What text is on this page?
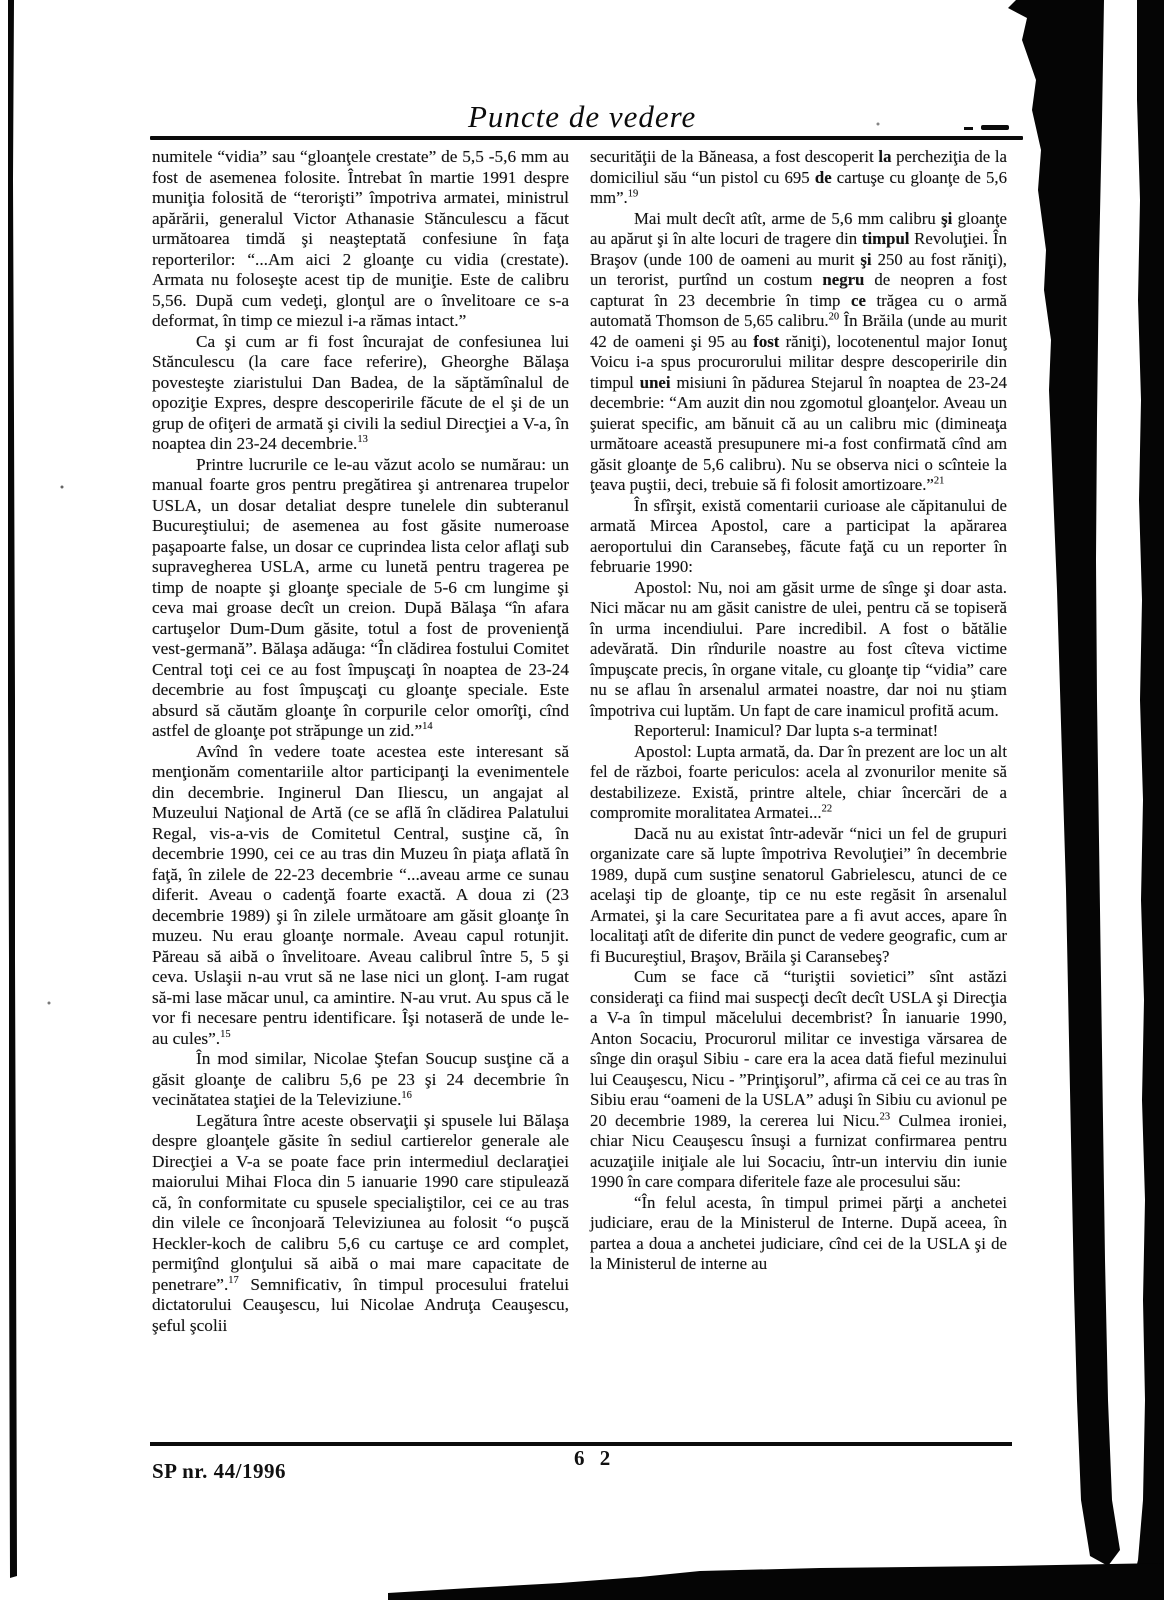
Puncte de vedere

numitele “vidia” sau “gloanţele crestate” de 5,5 -5,6 mm au fost de asemenea folosite. Întrebat în martie 1991 despre muniţia folosită de “terorişti” împotriva armatei, ministrul apărării, generalul Victor Athanasie Stănculescu a făcut următoarea timdă şi neaşteptată confesiune în faţa reporterilor: “...Am aici 2 gloanţe cu vidia (crestate). Armata nu foloseşte acest tip de muniţie. Este de calibru 5,56. După cum vedeţi, glonţul are o învelitoare ce s-a deformat, în timp ce miezul i-a rămas intact.”

Ca şi cum ar fi fost încurajat de confesiunea lui Stănculescu (la care face referire), Gheorghe Bălaşa povesteşte ziaristului Dan Badea, de la săptămînalul de opoziţie Expres, despre descoperirile făcute de el şi de un grup de ofiţeri de armată şi civili la sediul Direcţiei a V-a, în noaptea din 23-24 decembrie.$^{13}$

Printre lucrurile ce le-au văzut acolo se numărau: un manual foarte gros pentru pregătirea şi antrenarea trupelor USLA, un dosar detaliat despre tunelele din subteranul Bucureştiului; de asemenea au fost găsite numeroase paşapoarte false, un dosar ce cuprindea lista celor aflaţi sub supravegherea USLA, arme cu lunetă pentru tragerea pe timp de noapte şi gloanţe speciale de 5-6 cm lungime şi ceva mai groase decît un creion. După Bălaşa “în afara cartuşelor Dum-Dum găsite, totul a fost de provenienţă vest-germană”. Bălaşa adăuga: “În clădirea fostului Comitet Central toţi cei ce au fost împuşcaţi în noaptea de 23-24 decembrie au fost împuşcaţi cu gloanţe speciale. Este absurd să căutăm gloanţe în corpurile celor omorîţi, cînd astfel de gloanţe pot străpunge un zid.”$^{14}$

Avînd în vedere toate acestea este interesant să menţionăm comentariile altor participanţi la evenimentele din decembrie. Inginerul Dan Iliescu, un angajat al Muzeului Naţional de Artă (ce se află în clădirea Palatului Regal, vis-a-vis de Comitetul Central, susţine că, în decembrie 1990, cei ce au tras din Muzeu în piaţa aflată în faţă, în zilele de 22-23 decembrie “...aveau arme ce sunau diferit. Aveau o cadenţă foarte exactă. A doua zi (23 decembrie 1989) şi în zilele următoare am găsit gloanţe în muzeu. Nu erau gloanţe normale. Aveau capul rotunjit. Păreau să aibă o învelitoare. Aveau calibrul între 5, 5 şi ceva. Uslaşii n-au vrut să ne lase nici un glonţ. I-am rugat să-mi lase măcar unul, ca amintire. N-au vrut. Au spus că le vor fi necesare pentru identificare. Îşi notaseră de unde le-au cules”.$^{15}$

În mod similar, Nicolae Ştefan Soucup susţine că a găsit gloanţe de calibru 5,6 pe 23 şi 24 decembrie în vecinătatea staţiei de la Televiziune.$^{16}$

Legătura între aceste observaţii şi spusele lui Bălaşa despre gloanţele găsite în sediul cartierelor generale ale Direcţiei a V-a se poate face prin intermediul declaraţiei maiorului Mihai Floca din 5 ianuarie 1990 care stipulează că, în conformitate cu spusele specialiştilor, cei ce au tras din vilele ce înconjoară Televiziunea au folosit “o puşcă Heckler-koch de calibru 5,6 cu cartuşe ce ard complet, permiţînd glonţului să aibă o mai mare capacitate de penetrare”.$^{17}$ Semnificativ, în timpul procesului fratelui dictatorului Ceauşescu, lui Nicolae Andruţa Ceauşescu, şeful şcolii

securităţii de la Băneasa, a fost descoperit la percheziţia de la domiciliul său “un pistol cu 695 de cartuşe cu gloanţe de 5,6 mm”.$^{19}$

Mai mult decît atît, arme de 5,6 mm calibru şi gloanţe au apărut şi în alte locuri de tragere din timpul Revoluţiei. În Braşov (unde 100 de oameni au murit şi 250 au fost răniţi), un terorist, purtînd un costum negru de neopren a fost capturat în 23 decembrie în timp ce trăgea cu o armă automată Thomson de 5,65 calibru.$^{20}$ În Brăila (unde au murit 42 de oameni şi 95 au fost răniţi), locotenentul major Ionuţ Voicu i-a spus procurorului militar despre descoperirile din timpul unei misiuni în pădurea Stejarul în noaptea de 23-24 decembrie: “Am auzit din nou zgomotul gloanţelor. Aveau un şuierat specific, am bănuit că au un calibru mic (dimineaţa următoare această presupunere mi-a fost confirmată cînd am găsit gloanţe de 5,6 calibru). Nu se observa nici o scînteie la ţeava puştii, deci, trebuie să fi folosit amortizoare.”$^{21}$

În sfîrşit, există comentarii curioase ale căpitanului de armată Mircea Apostol, care a participat la apărarea aeroportului din Caransebeş, făcute faţă cu un reporter în februarie 1990:

Apostol: Nu, noi am găsit urme de sînge şi doar asta. Nici măcar nu am găsit canistre de ulei, pentru că se topiseră în urma incendiului. Pare incredibil. A fost o bătălie adevărată. Din rîndurile noastre au fost cîteva victime împuşcate precis, în organe vitale, cu gloanţe tip “vidia” care nu se aflau în arsenalul armatei noastre, dar noi nu ştiam împotriva cui luptăm. Un fapt de care inamicul profită acum.

Reporterul: Inamicul? Dar lupta s-a terminat!

Apostol: Lupta armată, da. Dar în prezent are loc un alt fel de război, foarte periculos: acela al zvonurilor menite să destabilizeze. Există, printre altele, chiar încercări de a compromite moralitatea Armatei...$^{22}$

Dacă nu au existat într-adevăr “nici un fel de grupuri organizate care să lupte împotriva Revoluţiei” în decembrie 1989, după cum susţine senatorul Gabrielescu, atunci de ce acelaşi tip de gloanţe, tip ce nu este regăsit în arsenalul Armatei, şi la care Securitatea pare a fi avut acces, apare în localitaţi atît de diferite din punct de vedere geografic, cum ar fi Bucureştiul, Braşov, Brăila şi Caransebeş?

Cum se face că “turiştii sovietici” sînt astăzi consideraţi ca fiind mai suspecţi decît decît USLA şi Direcţia a V-a în timpul măcelului decembrist? În ianuarie 1990, Anton Socaciu, Procurorul militar ce investiga vărsarea de sînge din oraşul Sibiu - care era la acea dată fieful mezinului lui Ceauşescu, Nicu - ”Prinţişorul”, afirma că cei ce au tras în Sibiu erau “oameni de la USLA” aduşi în Sibiu cu avionul pe 20 decembrie 1989, la cererea lui Nicu.$^{23}$ Culmea ironiei, chiar Nicu Ceauşescu însuşi a furnizat confirmarea pentru acuzaţiile iniţiale ale lui Socaciu, într-un interviu din iunie 1990 în care compara diferitele faze ale procesului său:

“În felul acesta, în timpul primei părţi a anchetei judiciare, erau de la Ministerul de Interne. După aceea, în partea a doua a anchetei judiciare, cînd cei de la USLA şi de la Ministerul de interne au

6 2
SP nr. 44/1996
